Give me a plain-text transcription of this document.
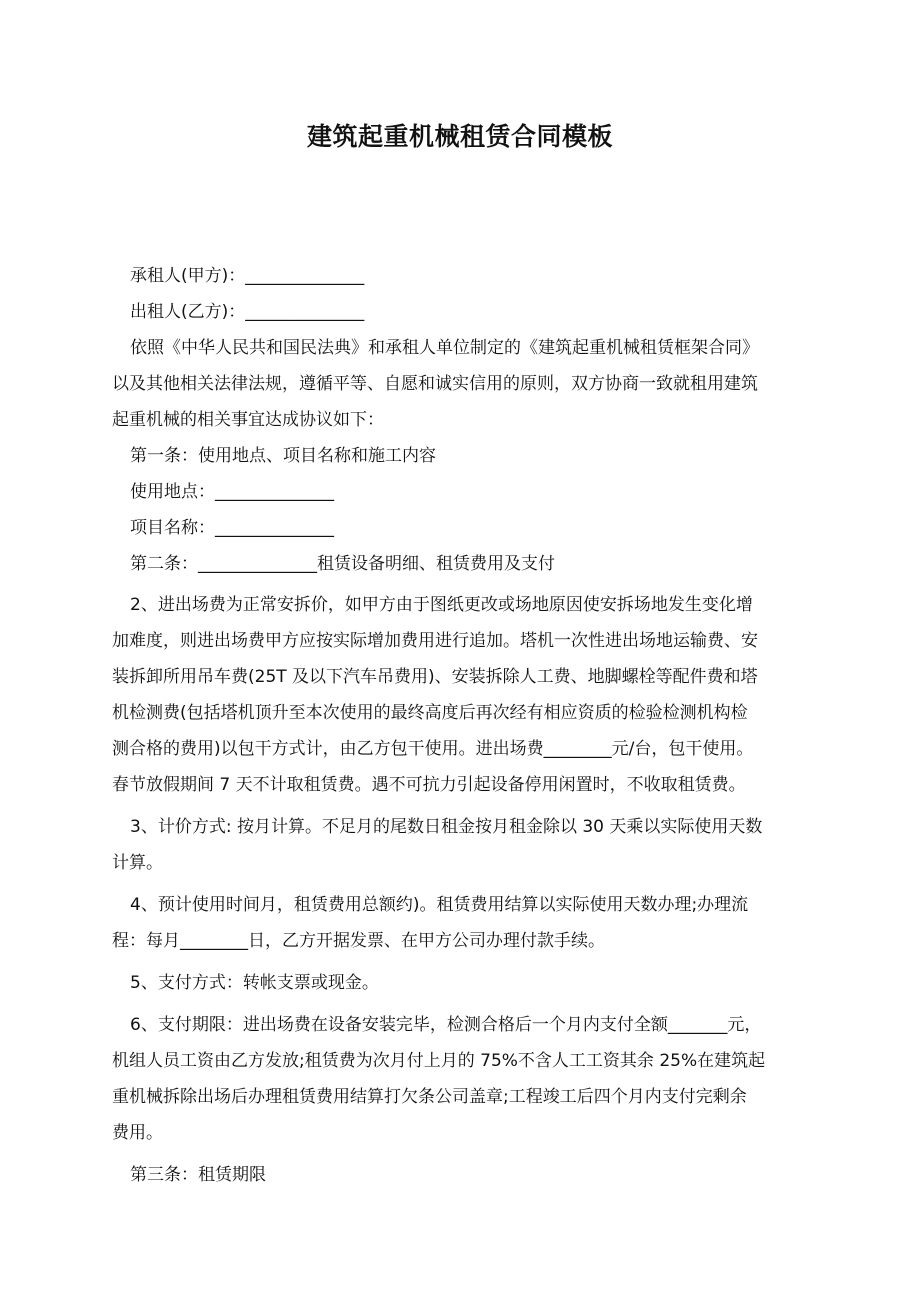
建筑起重机械租赁合同模板
承租人(甲方)：______________
出租人(乙方)：______________
依照《中华人民共和国民法典》和承租人单位制定的《建筑起重机械租赁框架合同》
以及其他相关法律法规，遵循平等、自愿和诚实信用的原则，双方协商一致就租用建筑
起重机械的相关事宜达成协议如下：
第一条：使用地点、项目名称和施工内容
使用地点：______________
项目名称：______________
第二条：______________租赁设备明细、租赁费用及支付
2、进出场费为正常安拆价，如甲方由于图纸更改或场地原因使安拆场地发生变化增
加难度，则进出场费甲方应按实际增加费用进行追加。塔机一次性进出场地运输费、安
装拆卸所用吊车费(25T 及以下汽车吊费用)、安装拆除人工费、地脚螺栓等配件费和塔
机检测费(包括塔机顶升至本次使用的最终高度后再次经有相应资质的检验检测机构检
测合格的费用)以包干方式计，由乙方包干使用。进出场费________元/台，包干使用。
春节放假期间 7 天不计取租赁费。遇不可抗力引起设备停用闲置时，不收取租赁费。
3、计价方式: 按月计算。不足月的尾数日租金按月租金除以 30 天乘以实际使用天数
计算。
4、预计使用时间月，租赁费用总额约)。租赁费用结算以实际使用天数办理;办理流
程：每月________日，乙方开据发票、在甲方公司办理付款手续。
5、支付方式：转帐支票或现金。
6、支付期限：进出场费在设备安装完毕，检测合格后一个月内支付全额_______元，
机组人员工资由乙方发放;租赁费为次月付上月的 75%不含人工工资其余 25%在建筑起
重机械拆除出场后办理租赁费用结算打欠条公司盖章;工程竣工后四个月内支付完剩余
费用。
第三条：租赁期限
